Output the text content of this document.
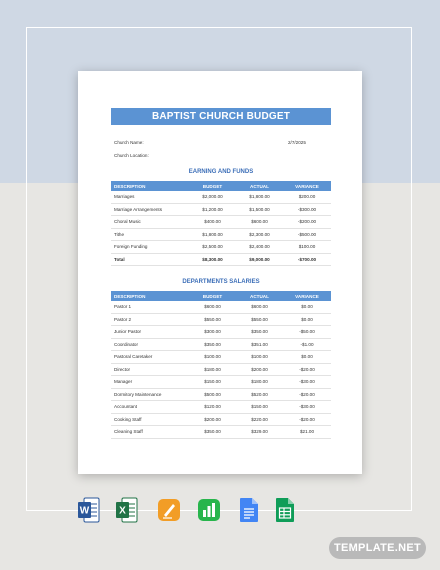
BAPTIST CHURCH BUDGET
Church Name:	2/7/2025
Church Location:
EARNING AND FUNDS
DESCRIPTION	BUDGET	ACTUAL	VARIANCE
Marriages	$2,000.00	$1,800.00	$200.00
Marriage Arrangements	$1,200.00	$1,500.00	-$300.00
Choral Music	$400.00	$600.00	-$200.00
Tithe	$1,800.00	$2,300.00	-$500.00
Foreign Funding	$2,500.00	$2,400.00	$100.00
Total	$8,300.00	$9,000.00	-$700.00
DEPARTMENTS SALARIES
DESCRIPTION	BUDGET	ACTUAL	VARIANCE
Pastor 1	$600.00	$600.00	$0.00
Pastor 2	$550.00	$550.00	$0.00
Junior Pastor	$300.00	$350.00	-$50.00
Coordinator	$350.00	$351.00	-$1.00
Pastoral Caretaker	$100.00	$100.00	$0.00
Director	$180.00	$200.00	-$20.00
Manager	$150.00	$180.00	-$30.00
Dormitory Maintenance	$500.00	$520.00	-$20.00
Accountant	$120.00	$150.00	-$30.00
Cooking Staff	$200.00	$220.00	-$20.00
Cleaning Staff	$350.00	$329.00	$21.00
W	X
TEMPLATE.NET
